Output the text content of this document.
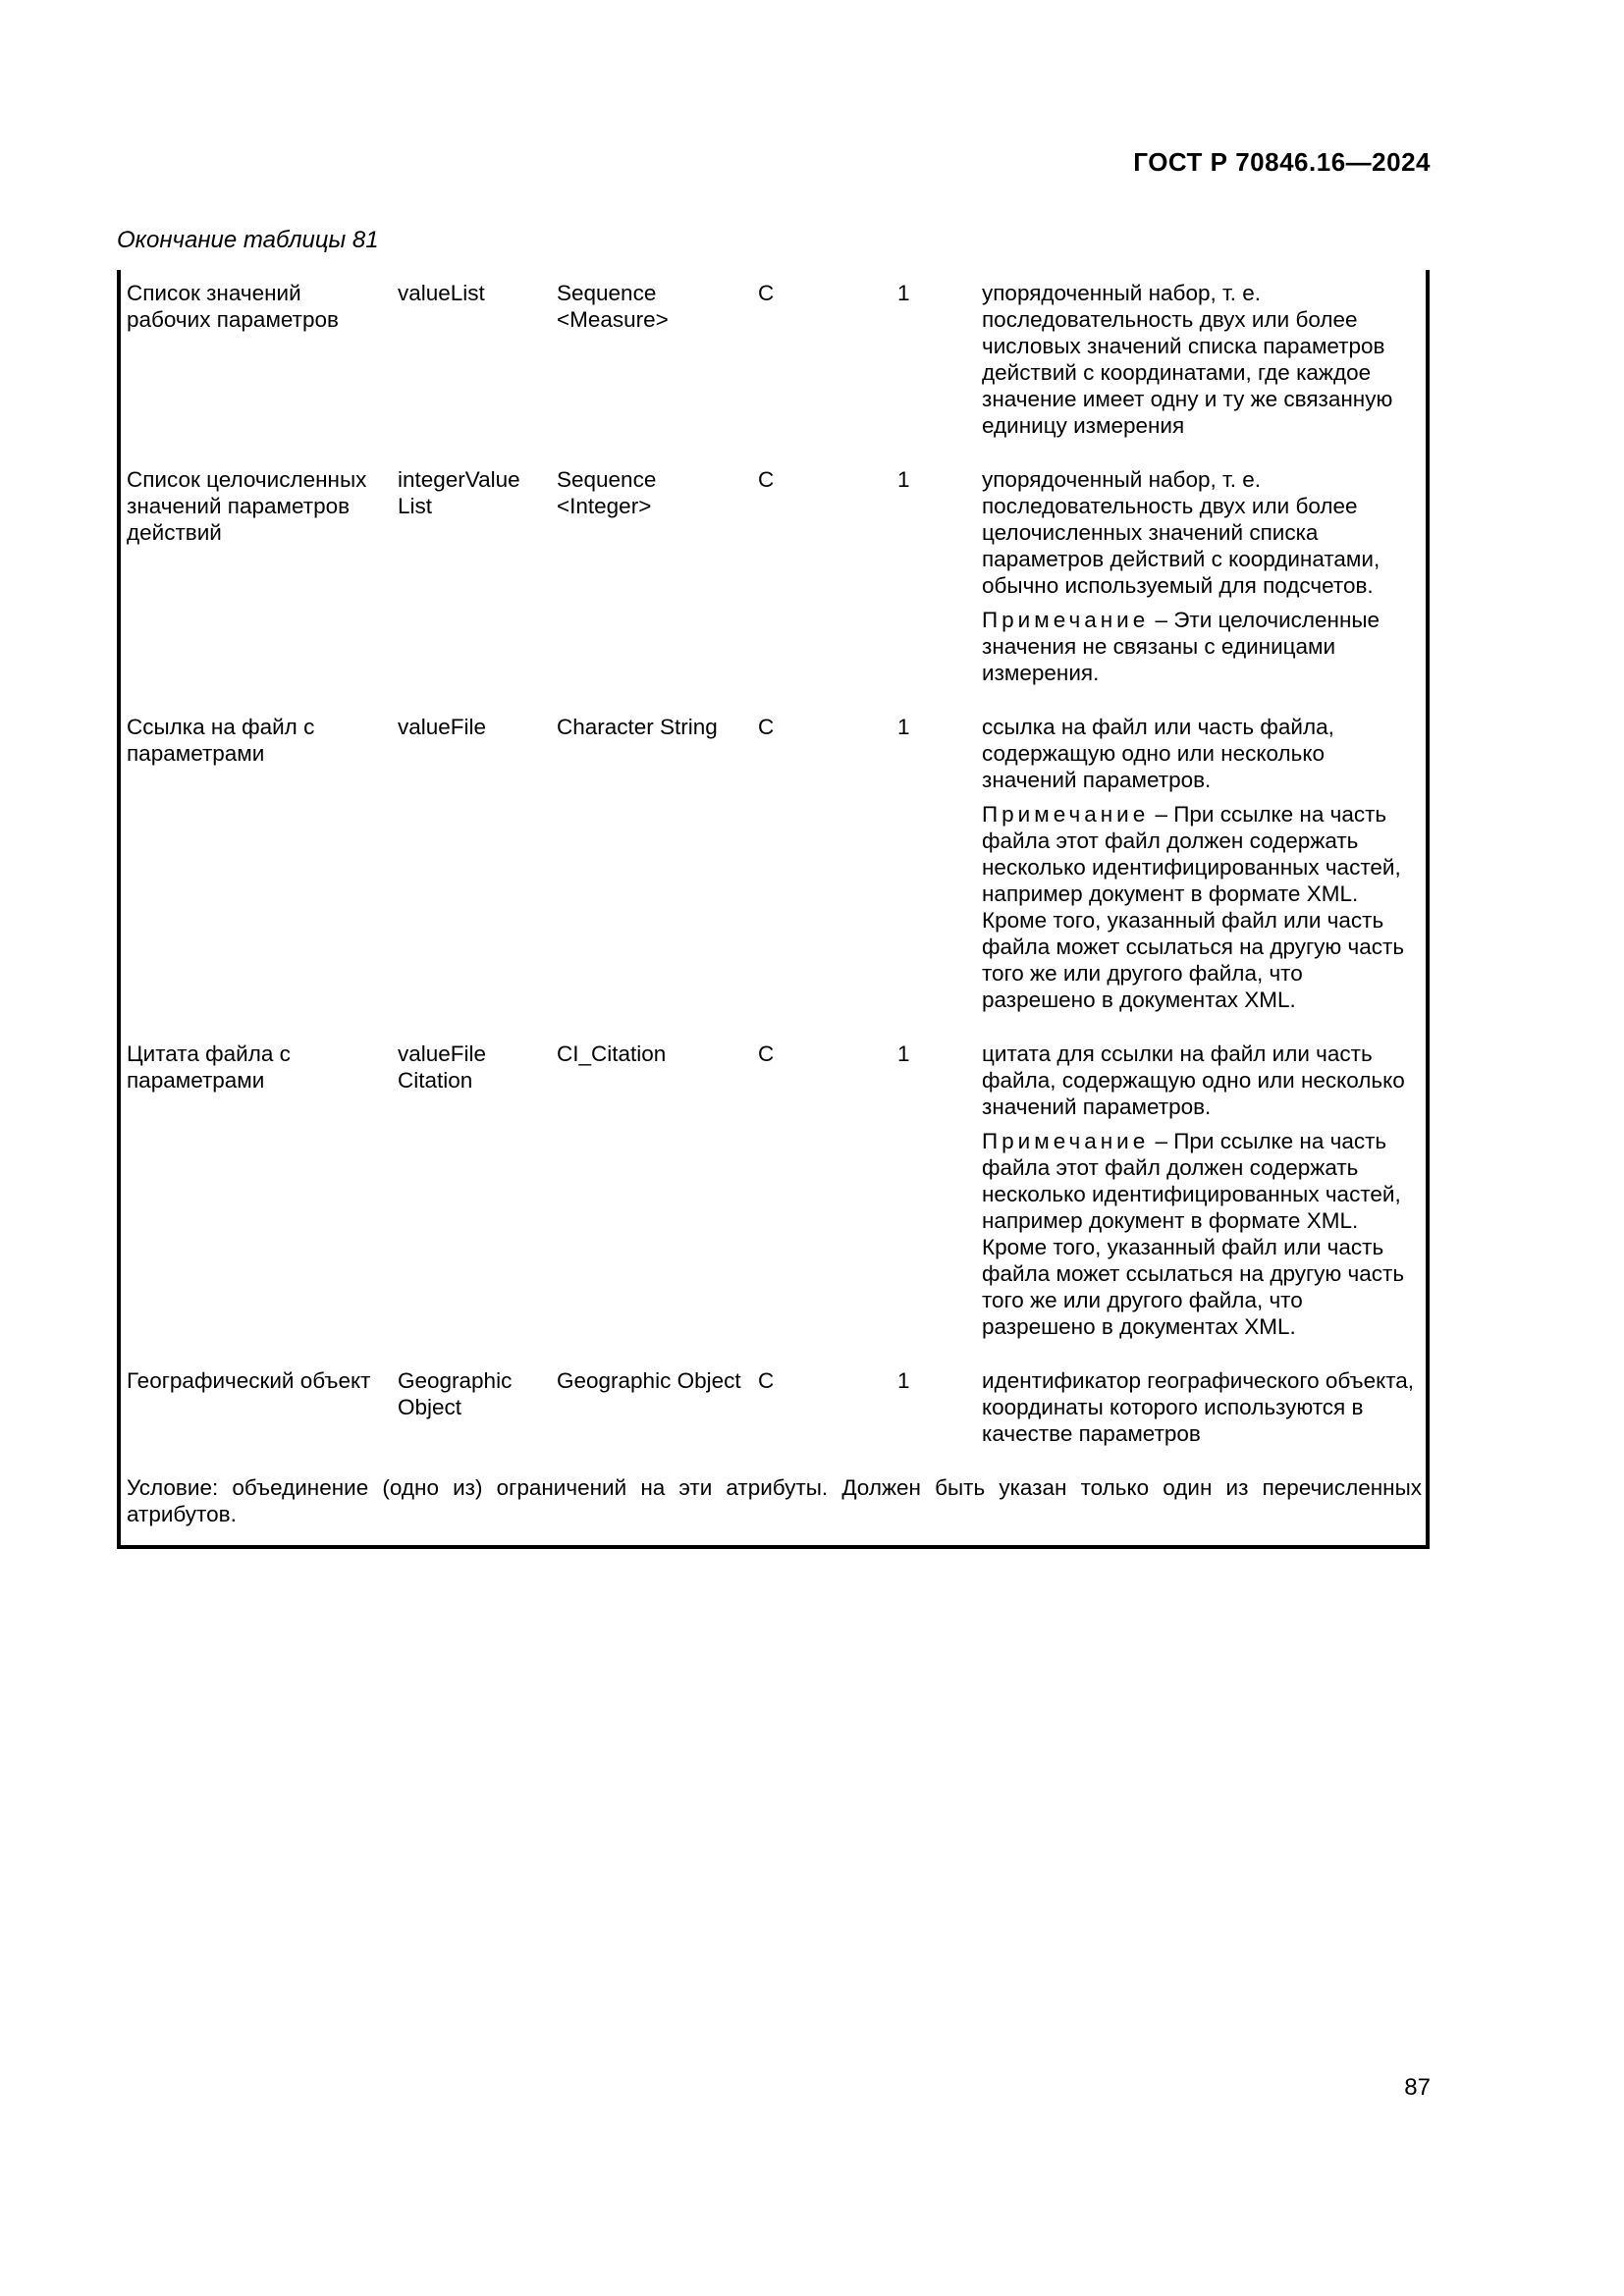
ГОСТ Р 70846.16—2024
Окончание таблицы 81
Список значений рабочих параметров	valueList	Sequence <Measure>	C	1	упорядоченный набор, т. е. последовательность двух или более числовых значений списка параметров действий с координатами, где каждое значение имеет одну и ту же связанную единицу измерения

Список целочисленных значений параметров действий	integerValue List	Sequence <Integer>	C	1	упорядоченный набор, т. е. последовательность двух или более целочисленных значений списка параметров действий с координатами, обычно используемый для подсчетов.

Примечание – Эти целочисленные значения не связаны с единицами измерения.

Ссылка на файл с параметрами	valueFile	Character String	C	1	ссылка на файл или часть файла, содержащую одно или несколько значений параметров.

Примечание – При ссылке на часть файла этот файл должен содержать несколько идентифицированных частей, например документ в формате XML. Кроме того, указанный файл или часть файла может ссылаться на другую часть того же или другого файла, что разрешено в документах XML.

Цитата файла с параметрами	valueFile Citation	CI_Citation	C	1	цитата для ссылки на файл или часть файла, содержащую одно или несколько значений параметров.

Примечание – При ссылке на часть файла этот файл должен содержать несколько идентифицированных частей, например документ в формате XML. Кроме того, указанный файл или часть файла может ссылаться на другую часть того же или другого файла, что разрешено в документах XML.

Географический объект	Geographic Object	Geographic Object	C	1	идентификатор географического объекта, координаты которого используются в качестве параметров

Условие: объединение (одно из) ограничений на эти атрибуты. Должен быть указан только один из перечисленных атрибутов.					
87
